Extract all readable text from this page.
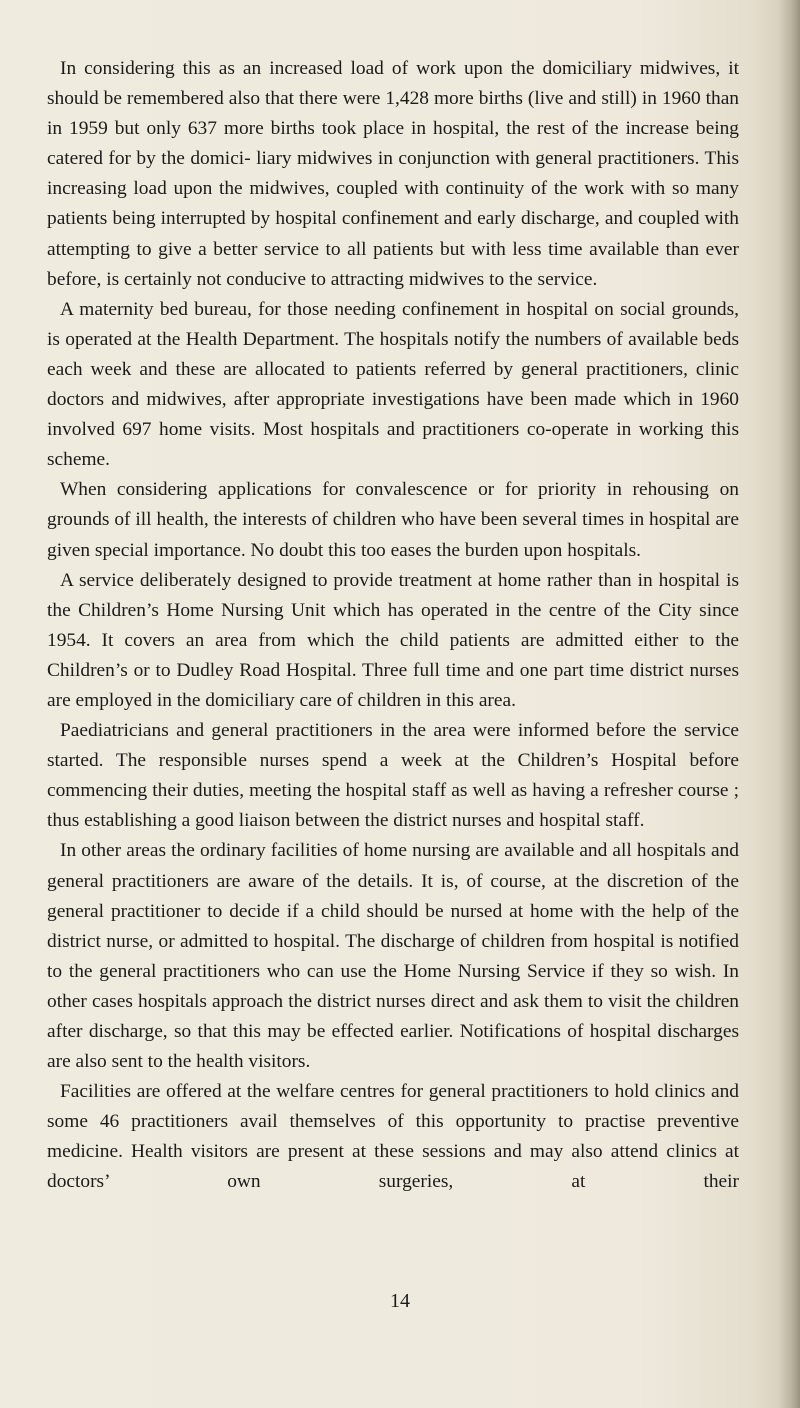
In considering this as an increased load of work upon the domiciliary midwives, it should be remembered also that there were 1,428 more births (live and still) in 1960 than in 1959 but only 637 more births took place in hospital, the rest of the increase being catered for by the domici- liary midwives in conjunction with general practitioners. This increasing load upon the midwives, coupled with continuity of the work with so many patients being interrupted by hospital confinement and early discharge, and coupled with attempting to give a better service to all patients but with less time available than ever before, is certainly not conducive to attracting midwives to the service.

A maternity bed bureau, for those needing confinement in hospital on social grounds, is operated at the Health Department. The hospitals notify the numbers of available beds each week and these are allocated to patients referred by general practitioners, clinic doctors and midwives, after appropriate investigations have been made which in 1960 involved 697 home visits. Most hospitals and practitioners co-operate in working this scheme.

When considering applications for convalescence or for priority in rehousing on grounds of ill health, the interests of children who have been several times in hospital are given special importance. No doubt this too eases the burden upon hospitals.

A service deliberately designed to provide treatment at home rather than in hospital is the Children’s Home Nursing Unit which has operated in the centre of the City since 1954. It covers an area from which the child patients are admitted either to the Children’s or to Dudley Road Hospital. Three full time and one part time district nurses are employed in the domiciliary care of children in this area.

Paediatricians and general practitioners in the area were informed before the service started. The responsible nurses spend a week at the Children’s Hospital before commencing their duties, meeting the hospital staff as well as having a refresher course ; thus establishing a good liaison between the district nurses and hospital staff.

In other areas the ordinary facilities of home nursing are available and all hospitals and general practitioners are aware of the details. It is, of course, at the discretion of the general practitioner to decide if a child should be nursed at home with the help of the district nurse, or admitted to hospital. The discharge of children from hospital is notified to the general practitioners who can use the Home Nursing Service if they so wish. In other cases hospitals approach the district nurses direct and ask them to visit the children after discharge, so that this may be effected earlier. Notifications of hospital discharges are also sent to the health visitors.

Facilities are offered at the welfare centres for general practitioners to hold clinics and some 46 practitioners avail themselves of this opportunity to practise preventive medicine. Health visitors are present at these sessions and may also attend clinics at doctors’ own surgeries, at their

14
